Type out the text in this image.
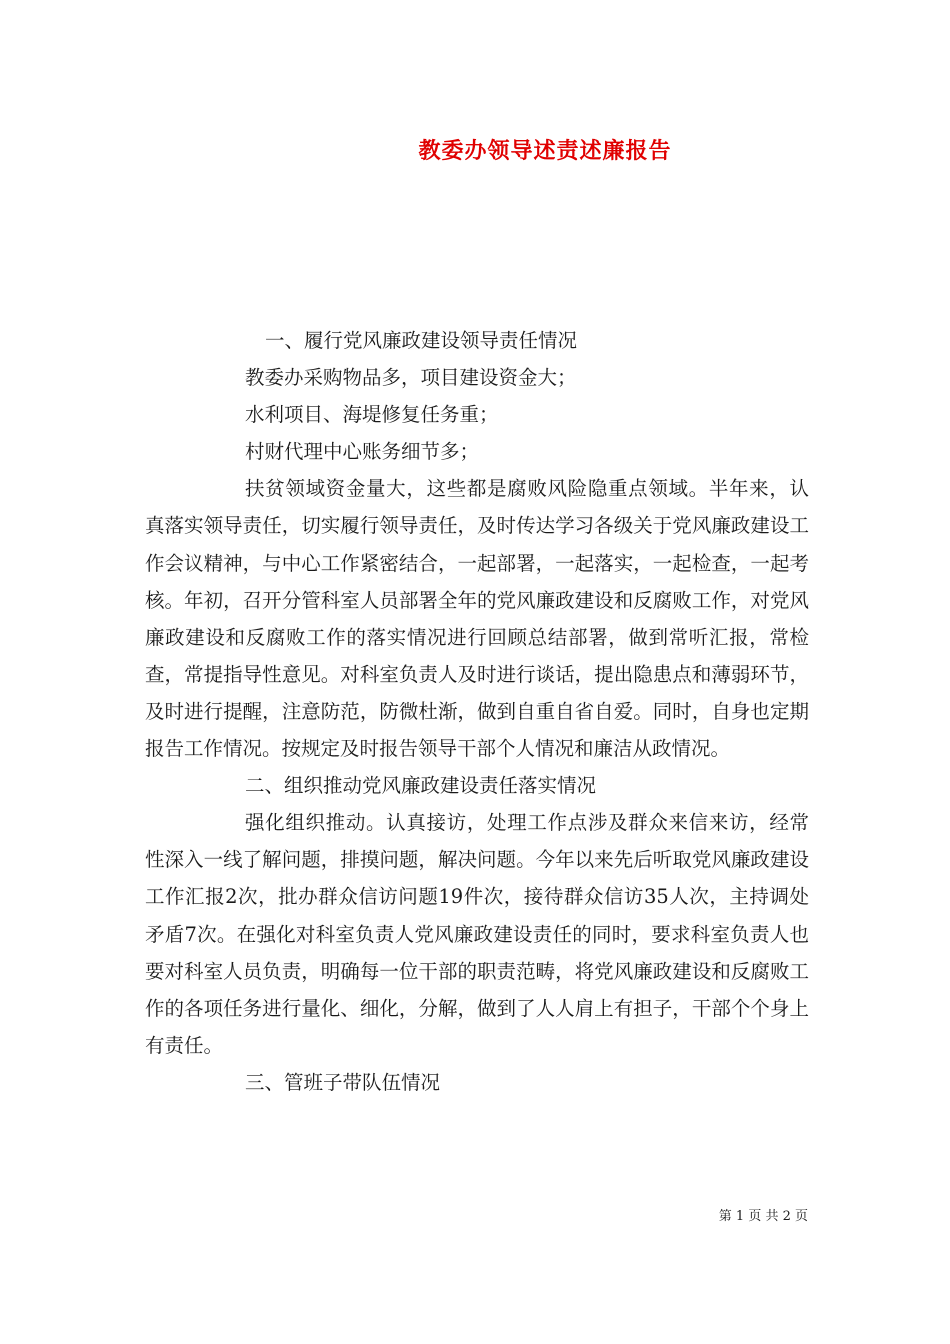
教委办领导述责述廉报告

一、履行党风廉政建设领导责任情况

教委办采购物品多，项目建设资金大；

水利项目、海堤修复任务重；

村财代理中心账务细节多；

扶贫领域资金量大，这些都是腐败风险隐重点领域。半年来，认真落实领导责任，切实履行领导责任，及时传达学习各级关于党风廉政建设工作会议精神，与中心工作紧密结合，一起部署，一起落实，一起检查，一起考核。年初，召开分管科室人员部署全年的党风廉政建设和反腐败工作，对党风廉政建设和反腐败工作的落实情况进行回顾总结部署，做到常听汇报，常检查，常提指导性意见。对科室负责人及时进行谈话，提出隐患点和薄弱环节，及时进行提醒，注意防范，防微杜渐，做到自重自省自爱。同时，自身也定期报告工作情况。按规定及时报告领导干部个人情况和廉洁从政情况。

二、组织推动党风廉政建设责任落实情况

强化组织推动。认真接访，处理工作点涉及群众来信来访，经常性深入一线了解问题，排摸问题，解决问题。今年以来先后听取党风廉政建设工作汇报2次，批办群众信访问题19件次，接待群众信访35人次，主持调处矛盾7次。在强化对科室负责人党风廉政建设责任的同时，要求科室负责人也要对科室人员负责，明确每一位干部的职责范畴，将党风廉政建设和反腐败工作的各项任务进行量化、细化，分解，做到了人人肩上有担子，干部个个身上有责任。

三、管班子带队伍情况

第 1 页 共 2 页
